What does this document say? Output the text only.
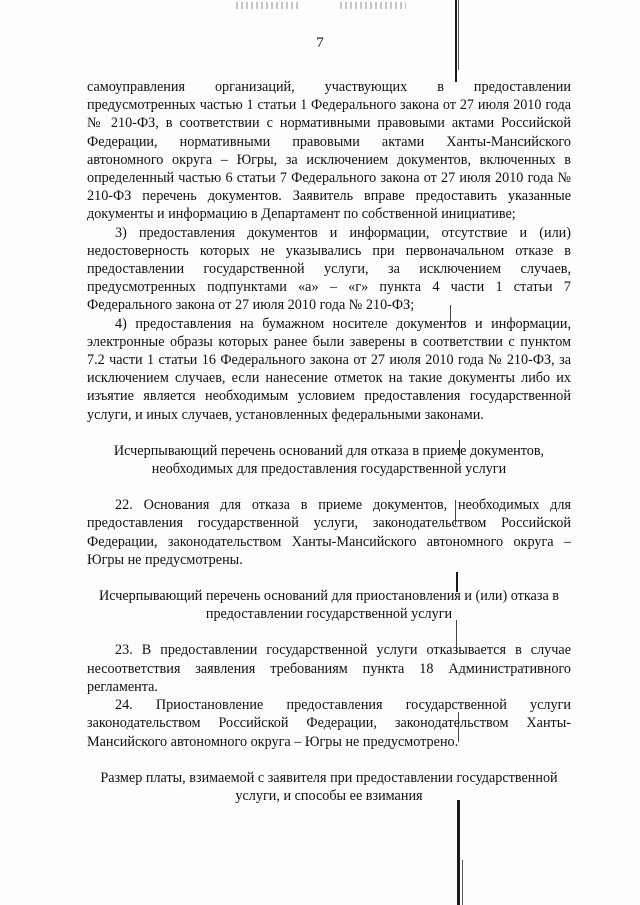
7

самоуправления организаций, участвующих в предоставлении предусмотренных частью 1 статьи 1 Федерального закона от 27 июля 2010 года № 210-ФЗ, в соответствии с нормативными правовыми актами Российской Федерации, нормативными правовыми актами Ханты-Мансийского автономного округа – Югры, за исключением документов, включенных в определенный частью 6 статьи 7 Федерального закона от 27 июля 2010 года № 210-ФЗ перечень документов. Заявитель вправе предоставить указанные документы и информацию в Департамент по собственной инициативе;

3) предоставления документов и информации, отсутствие и (или) недостоверность которых не указывались при первоначальном отказе в предоставлении государственной услуги, за исключением случаев, предусмотренных подпунктами «а» – «г» пункта 4 части 1 статьи 7 Федерального закона от 27 июля 2010 года № 210-ФЗ;

4) предоставления на бумажном носителе документов и информации, электронные образы которых ранее были заверены в соответствии с пунктом 7.2 части 1 статьи 16 Федерального закона от 27 июля 2010 года № 210-ФЗ, за исключением случаев, если нанесение отметок на такие документы либо их изъятие является необходимым условием предоставления государственной услуги, и иных случаев, установленных федеральными законами.

Исчерпывающий перечень оснований для отказа в приеме документов, необходимых для предоставления государственной услуги

22. Основания для отказа в приеме документов, необходимых для предоставления государственной услуги, законодательством Российской Федерации, законодательством Ханты-Мансийского автономного округа – Югры не предусмотрены.

Исчерпывающий перечень оснований для приостановления и (или) отказа в предоставлении государственной услуги

23. В предоставлении государственной услуги отказывается в случае несоответствия заявления требованиям пункта 18 Административного регламента.

24. Приостановление предоставления государственной услуги законодательством Российской Федерации, законодательством Ханты-Мансийского автономного округа – Югры не предусмотрено.

Размер платы, взимаемой с заявителя при предоставлении государственной услуги, и способы ее взимания
